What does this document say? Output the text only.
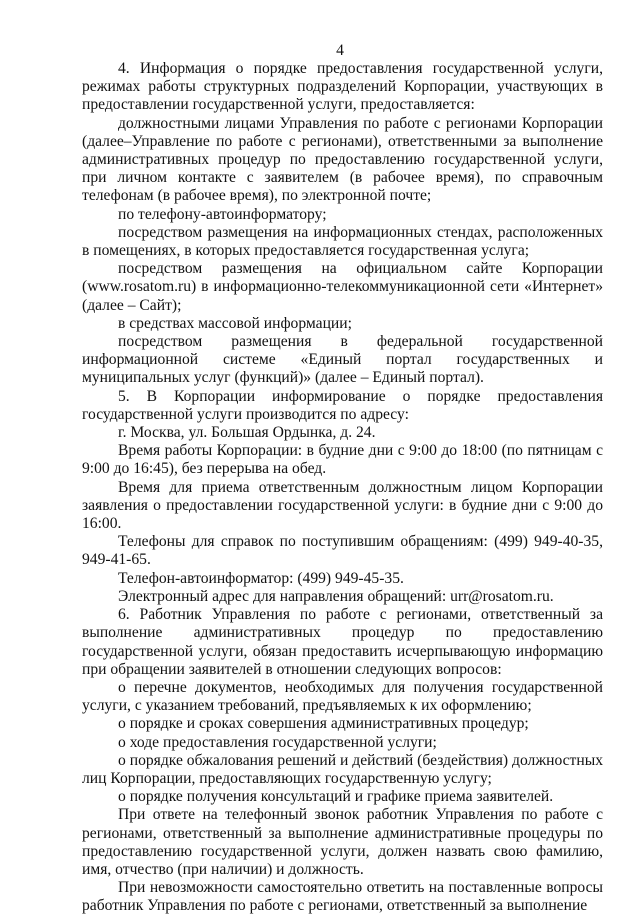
4

4. Информация о порядке предоставления государственной услуги, режимах работы структурных подразделений Корпорации, участвующих в предоставлении государственной услуги, предоставляется:

должностными лицами Управления по работе с регионами Корпорации (далее–Управление по работе с регионами), ответственными за выполнение административных процедур по предоставлению государственной услуги, при личном контакте с заявителем (в рабочее время), по справочным телефонам (в рабочее время), по электронной почте;

по телефону-автоинформатору;

посредством размещения на информационных стендах, расположенных в помещениях, в которых предоставляется государственная услуга;

посредством размещения на официальном сайте Корпорации (www.rosatom.ru) в информационно-телекоммуникационной сети «Интернет» (далее – Сайт);

в средствах массовой информации;

посредством размещения в федеральной государственной информационной системе «Единый портал государственных и муниципальных услуг (функций)» (далее – Единый портал).

5. В Корпорации информирование о порядке предоставления государственной услуги производится по адресу:

г. Москва, ул. Большая Ордынка, д. 24.

Время работы Корпорации: в будние дни с 9:00 до 18:00 (по пятницам с 9:00 до 16:45), без перерыва на обед.

Время для приема ответственным должностным лицом Корпорации заявления о предоставлении государственной услуги: в будние дни с 9:00 до 16:00.

Телефоны для справок по поступившим обращениям: (499) 949-40-35, 949-41-65.

Телефон-автоинформатор: (499) 949-45-35.

Электронный адрес для направления обращений: urr@rosatom.ru.

6. Работник Управления по работе с регионами, ответственный за выполнение административных процедур по предоставлению государственной услуги, обязан предоставить исчерпывающую информацию при обращении заявителей в отношении следующих вопросов:

о перечне документов, необходимых для получения государственной услуги, с указанием требований, предъявляемых к их оформлению;

о порядке и сроках совершения административных процедур;

о ходе предоставления государственной услуги;

о порядке обжалования решений и действий (бездействия) должностных лиц Корпорации, предоставляющих государственную услугу;

о порядке получения консультаций и графике приема заявителей.

При ответе на телефонный звонок работник Управления по работе с регионами, ответственный за выполнение административные процедуры по предоставлению государственной услуги, должен назвать свою фамилию, имя, отчество (при наличии) и должность.

При невозможности самостоятельно ответить на поставленные вопросы работник Управления по работе с регионами, ответственный за выполнение
